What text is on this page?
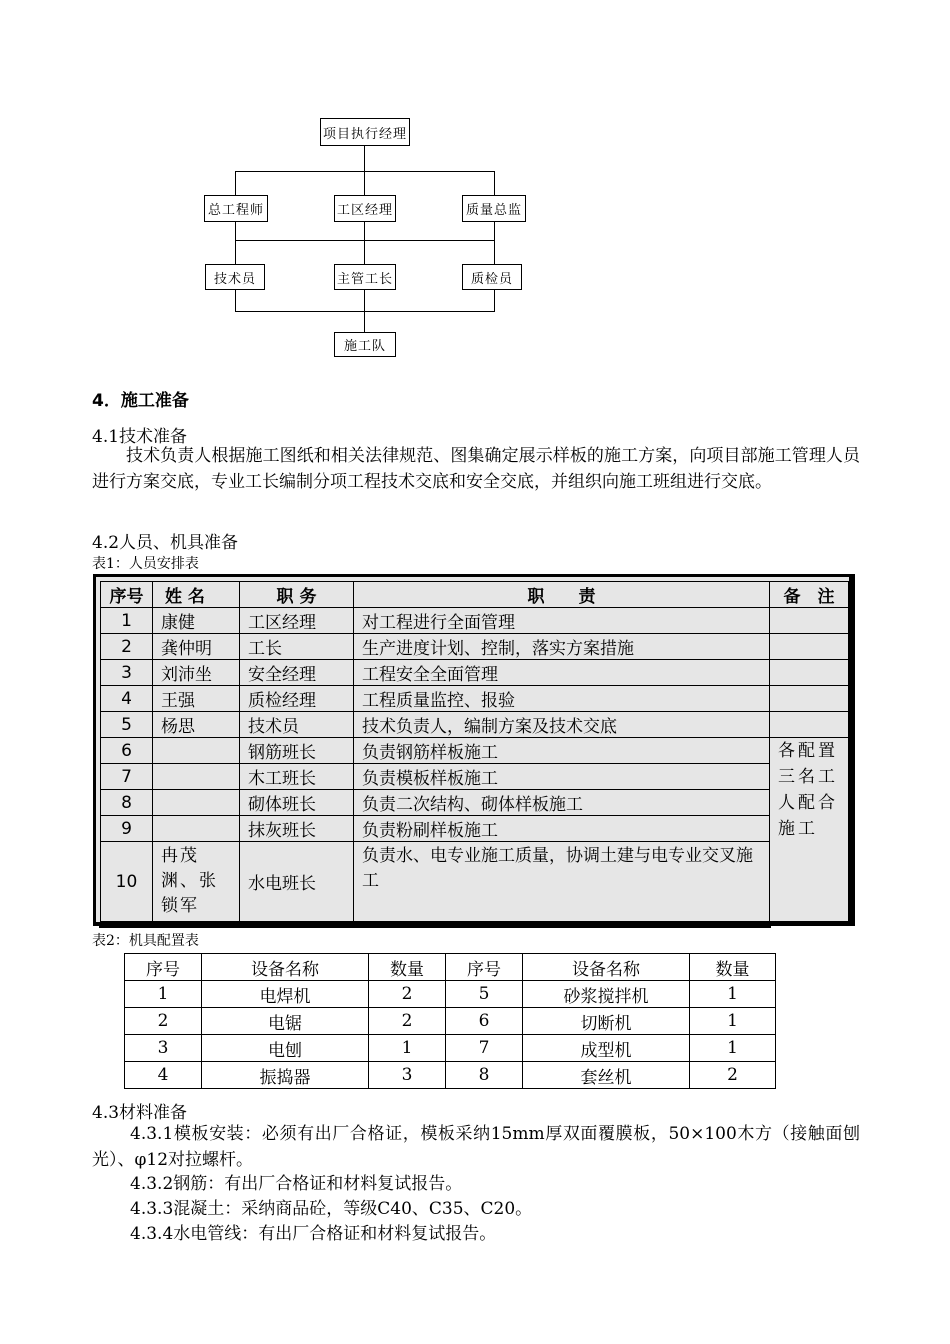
项目执行经理
总工程师	工区经理	质量总监
技术员	主管工长	质检员
施工队
4．施工准备
4.1技术准备
技术负责人根据施工图纸和相关法律规范、图集确定展示样板的施工方案，向项目部施工管理人员进行方案交底，专业工长编制分项工程技术交底和安全交底，并组织向施工班组进行交底。
4.2人员、机具准备
表1：人员安排表
序号	姓 名	职 务	职　　责	备　注
1	康健	工区经理	对工程进行全面管理	
2	龚仲明	工长	生产进度计划、控制，落实方案措施	
3	刘沛坐	安全经理	工程安全全面管理	
4	王强	质检经理	工程质量监控、报验	
5	杨思	技术员	技术负责人，编制方案及技术交底	
6		钢筋班长	负责钢筋样板施工	各配置三名工人配合施工
7		木工班长	负责模板样板施工	
8		砌体班长	负责二次结构、砌体样板施工	
9		抹灰班长	负责粉刷样板施工	
10	冉茂渊、张锁军	水电班长	负责水、电专业施工质量，协调土建与电专业交叉施工	
表2：机具配置表
序号	设备名称	数量	序号	设备名称	数量
1	电焊机	2	5	砂浆搅拌机	1
2	电锯	2	6	切断机	1
3	电刨	1	7	成型机	1
4	振捣器	3	8	套丝机	2
4.3材料准备
4.3.1模板安装：必须有出厂合格证，模板采纳15mm厚双面覆膜板，50×100木方（接触面刨光）、φ12对拉螺杆。
4.3.2钢筋：有出厂合格证和材料复试报告。
4.3.3混凝土：采纳商品砼，等级C40、C35、C20。
4.3.4水电管线：有出厂合格证和材料复试报告。
